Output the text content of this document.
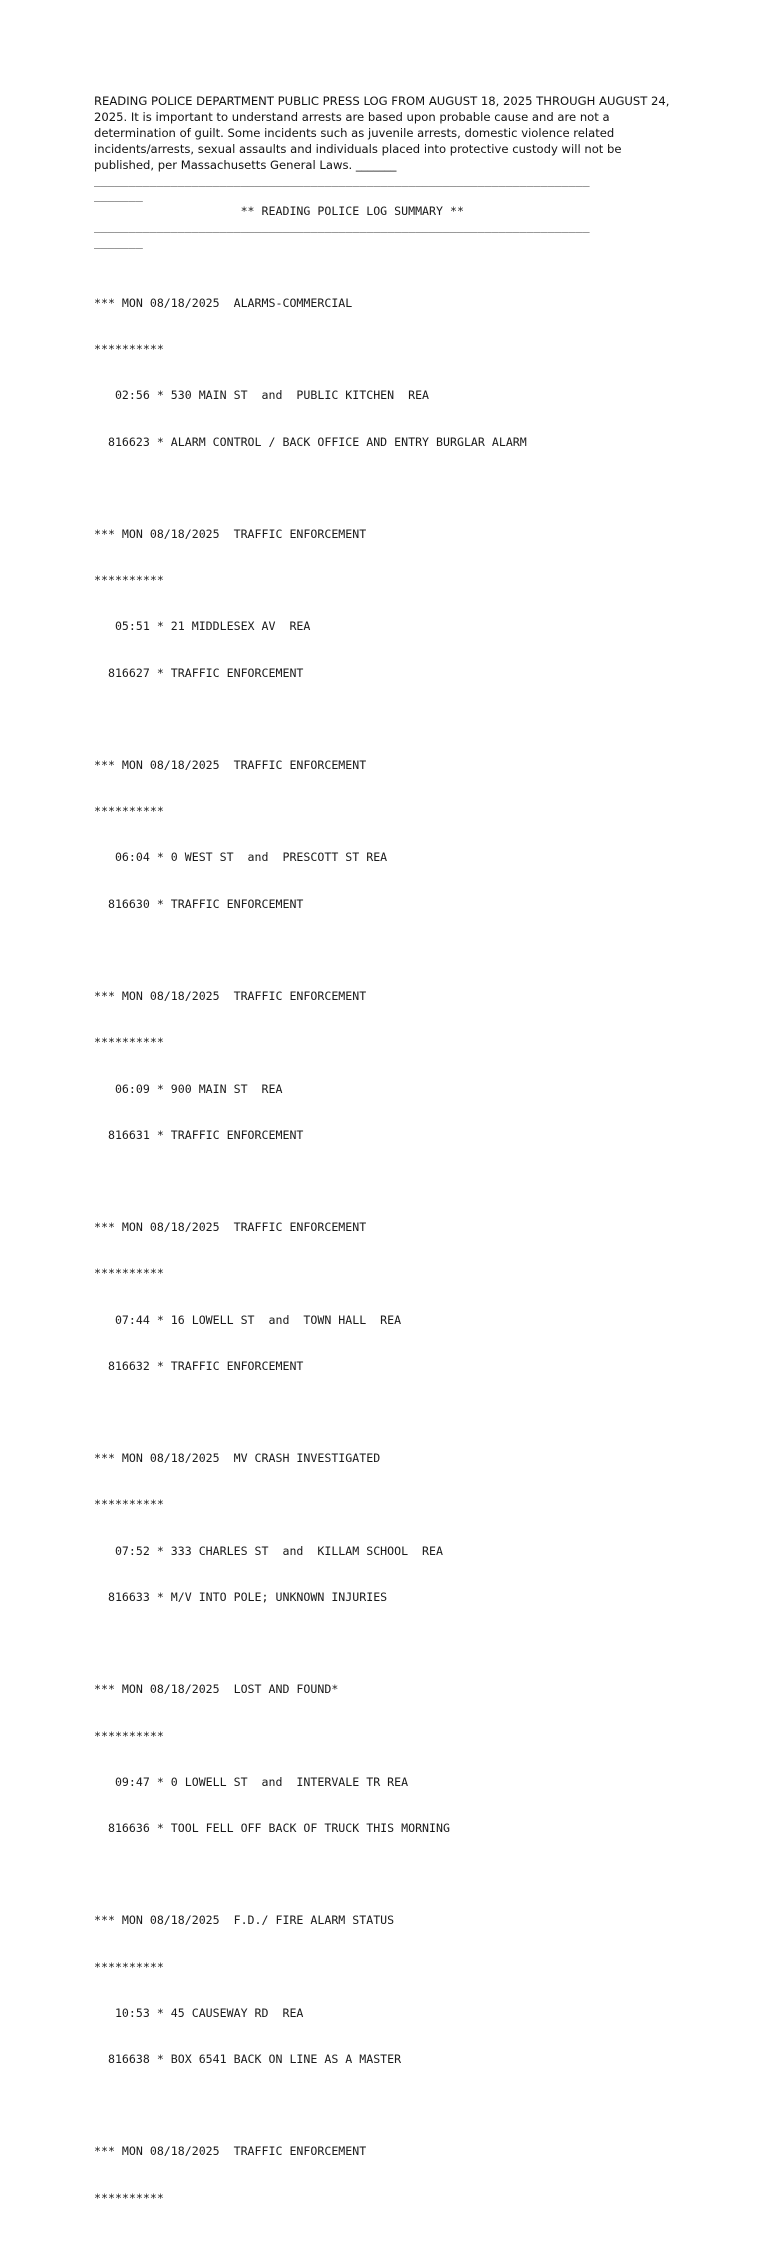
READING POLICE DEPARTMENT PUBLIC PRESS LOG FROM AUGUST 18, 2025 THROUGH AUGUST 24, 2025. It is important to understand arrests are based upon probable cause and are not a determination of guilt. Some incidents such as juvenile arrests, domestic violence related incidents/arrests, sexual assaults and individuals placed into protective custody will not be published, per Massachusetts General Laws. _______

_______________________________________________________________________
_______
** READING POLICE LOG SUMMARY **
_______________________________________________________________________
_______

*** MON 08/18/2025  ALARMS-COMMERCIAL

**********

02:56 * 530 MAIN ST  and  PUBLIC KITCHEN  REA

816623 * ALARM CONTROL / BACK OFFICE AND ENTRY BURGLAR ALARM

*** MON 08/18/2025  TRAFFIC ENFORCEMENT

**********

05:51 * 21 MIDDLESEX AV  REA

816627 * TRAFFIC ENFORCEMENT

*** MON 08/18/2025  TRAFFIC ENFORCEMENT

**********

06:04 * 0 WEST ST  and  PRESCOTT ST REA

816630 * TRAFFIC ENFORCEMENT

*** MON 08/18/2025  TRAFFIC ENFORCEMENT

**********

06:09 * 900 MAIN ST  REA

816631 * TRAFFIC ENFORCEMENT

*** MON 08/18/2025  TRAFFIC ENFORCEMENT

**********

07:44 * 16 LOWELL ST  and  TOWN HALL  REA

816632 * TRAFFIC ENFORCEMENT

*** MON 08/18/2025  MV CRASH INVESTIGATED

**********

07:52 * 333 CHARLES ST  and  KILLAM SCHOOL  REA

816633 * M/V INTO POLE; UNKNOWN INJURIES

*** MON 08/18/2025  LOST AND FOUND*

**********

09:47 * 0 LOWELL ST  and  INTERVALE TR REA

816636 * TOOL FELL OFF BACK OF TRUCK THIS MORNING

*** MON 08/18/2025  F.D./ FIRE ALARM STATUS

**********

10:53 * 45 CAUSEWAY RD  REA

816638 * BOX 6541 BACK ON LINE AS A MASTER

*** MON 08/18/2025  TRAFFIC ENFORCEMENT

**********
